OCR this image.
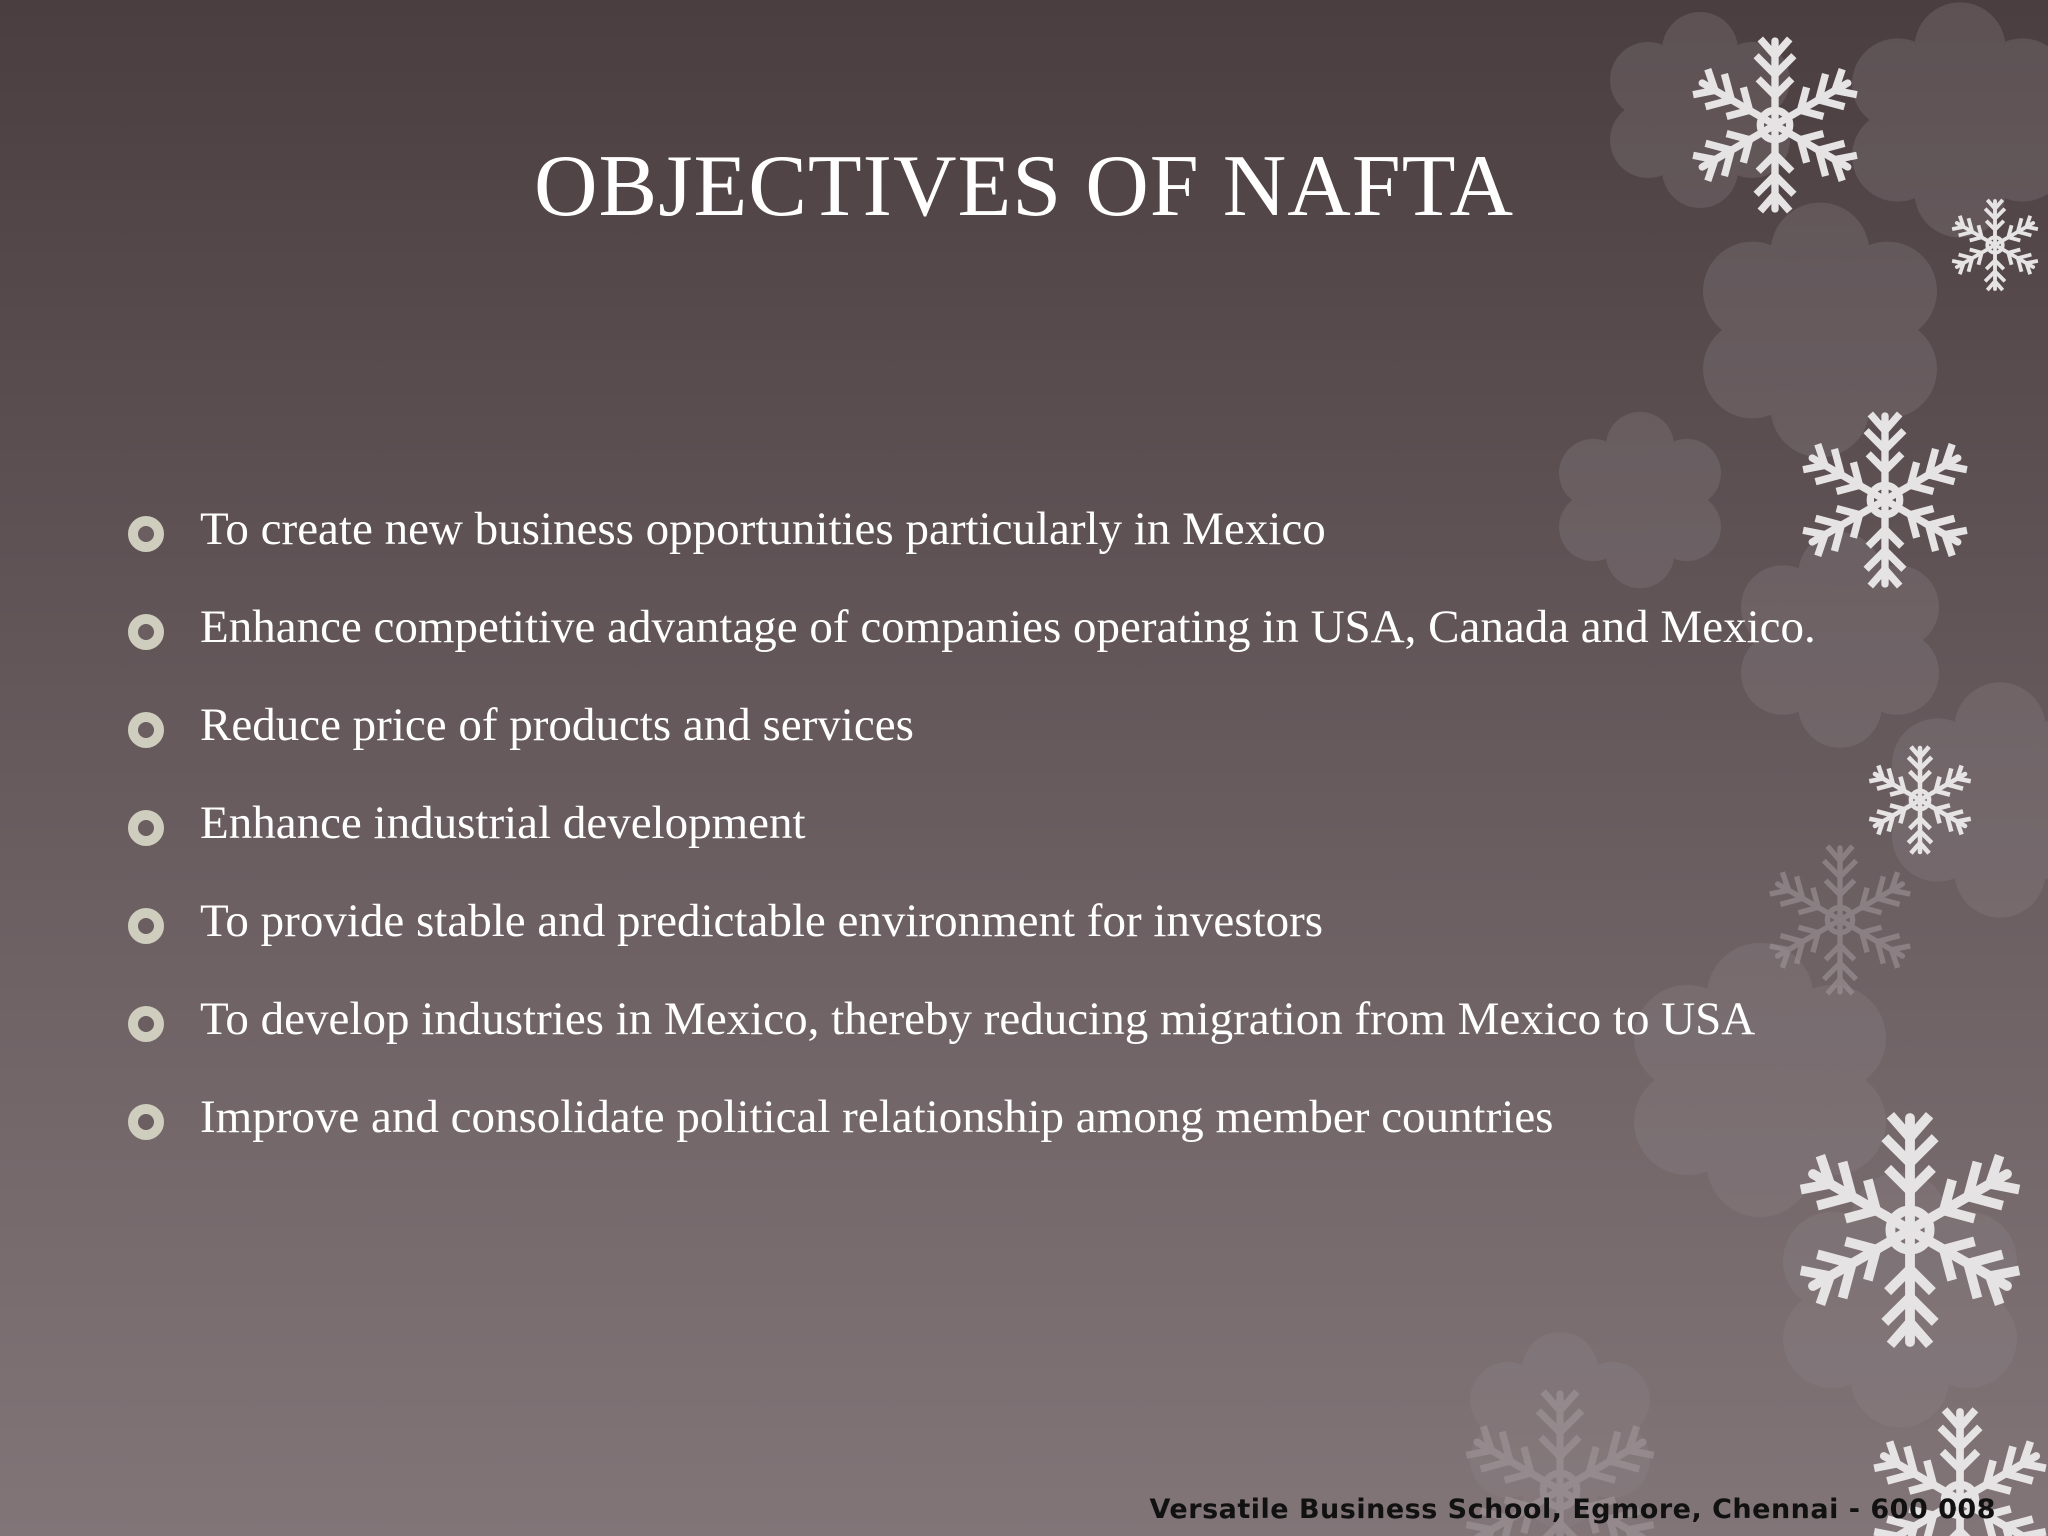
OBJECTIVES OF NAFTA
To create new business opportunities particularly in Mexico
Enhance competitive advantage of companies operating in USA, Canada and Mexico.
Reduce price of products and services
Enhance industrial development
To provide stable and predictable environment for investors
To develop industries in Mexico, thereby reducing migration from Mexico to USA
Improve and consolidate political relationship among member countries
Versatile Business School, Egmore, Chennai - 600 008
